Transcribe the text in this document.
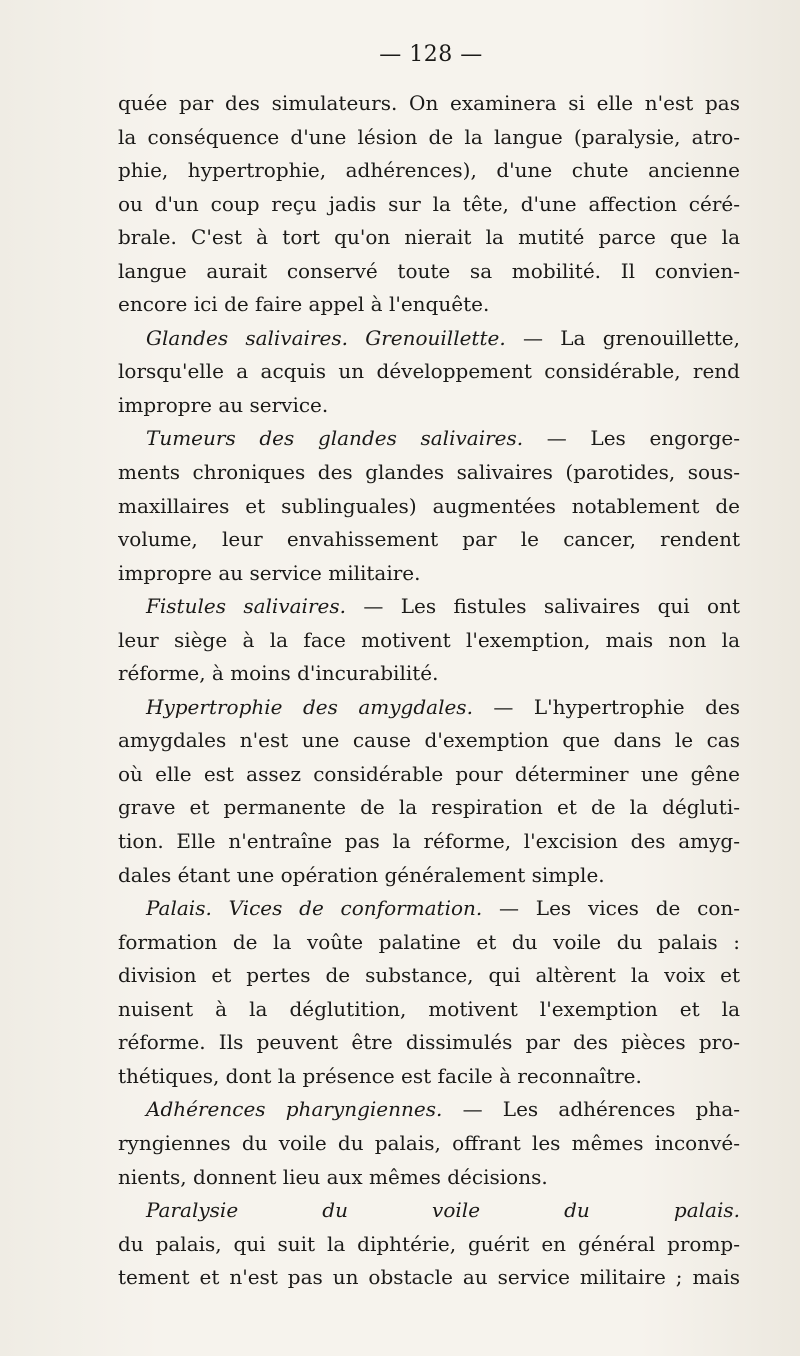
— 128 —
quée par des simulateurs. On examinera si elle n'est pas
la conséquence d'une lésion de la langue (paralysie, atro-
phie, hypertrophie, adhérences), d'une chute ancienne
ou d'un coup reçu jadis sur la tête, d'une affection céré-
brale. C'est à tort qu'on nierait la mutité parce que la
langue aurait conservé toute sa mobilité. Il convien-
encore ici de faire appel à l'enquête.
Glandes salivaires. Grenouillette. — La grenouillette,
lorsqu'elle a acquis un développement considérable, rend
impropre au service.
Tumeurs des glandes salivaires. — Les engorge-
ments chroniques des glandes salivaires (parotides, sous-
maxillaires et sublinguales) augmentées notablement de
volume, leur envahissement par le cancer, rendent
impropre au service militaire.
Fistules salivaires. — Les fistules salivaires qui ont
leur siège à la face motivent l'exemption, mais non la
réforme, à moins d'incurabilité.
Hypertrophie des amygdales. — L'hypertrophie des
amygdales n'est une cause d'exemption que dans le cas
où elle est assez considérable pour déterminer une gêne
grave et permanente de la respiration et de la dégluti-
tion. Elle n'entraîne pas la réforme, l'excision des amyg-
dales étant une opération généralement simple.
Palais. Vices de conformation. — Les vices de con-
formation de la voûte palatine et du voile du palais :
division et pertes de substance, qui altèrent la voix et
nuisent à la déglutition, motivent l'exemption et la
réforme. Ils peuvent être dissimulés par des pièces pro-
thétiques, dont la présence est facile à reconnaître.
Adhérences pharyngiennes. — Les adhérences pha-
ryngiennes du voile du palais, offrant les mêmes inconvé-
nients, donnent lieu aux mêmes décisions.
Paralysie du voile du palais.
du palais, qui suit la diphtérie, guérit en général promp-
tement et n'est pas un obstacle au service militaire ; mais
